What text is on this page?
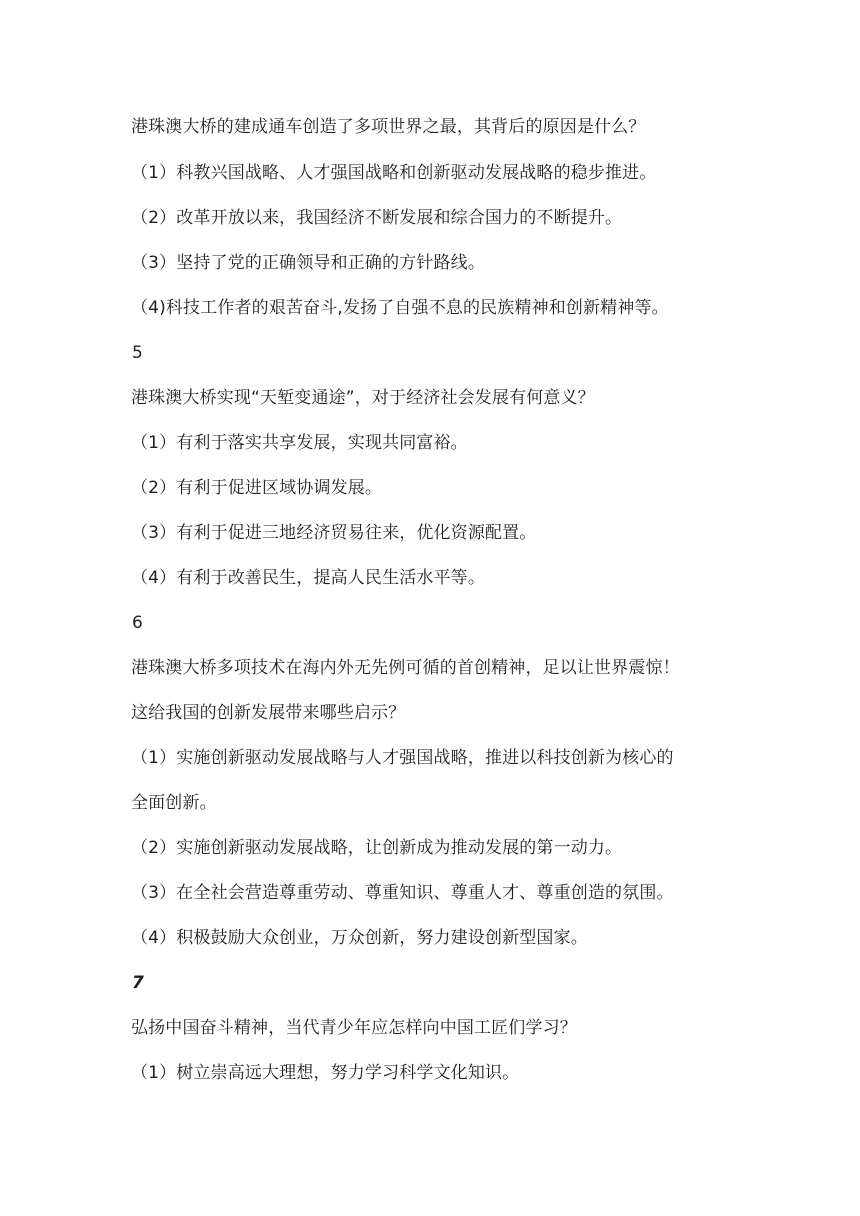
港珠澳大桥的建成通车创造了多项世界之最，其背后的原因是什么？
（1）科教兴国战略、人才强国战略和创新驱动发展战略的稳步推进。
（2）改革开放以来，我国经济不断发展和综合国力的不断提升。
（3）坚持了党的正确领导和正确的方针路线。
（4)科技工作者的艰苦奋斗,发扬了自强不息的民族精神和创新精神等。
5
港珠澳大桥实现“天堑变通途”，对于经济社会发展有何意义？
（1）有利于落实共享发展，实现共同富裕。
（2）有利于促进区域协调发展。
（3）有利于促进三地经济贸易往来，优化资源配置。
（4）有利于改善民生，提高人民生活水平等。
6
港珠澳大桥多项技术在海内外无先例可循的首创精神，足以让世界震惊！
这给我国的创新发展带来哪些启示？
（1）实施创新驱动发展战略与人才强国战略，推进以科技创新为核心的
全面创新。
（2）实施创新驱动发展战略，让创新成为推动发展的第一动力。
（3）在全社会营造尊重劳动、尊重知识、尊重人才、尊重创造的氛围。
（4）积极鼓励大众创业，万众创新，努力建设创新型国家。
7
弘扬中国奋斗精神，当代青少年应怎样向中国工匠们学习？
（1）树立崇高远大理想，努力学习科学文化知识。
